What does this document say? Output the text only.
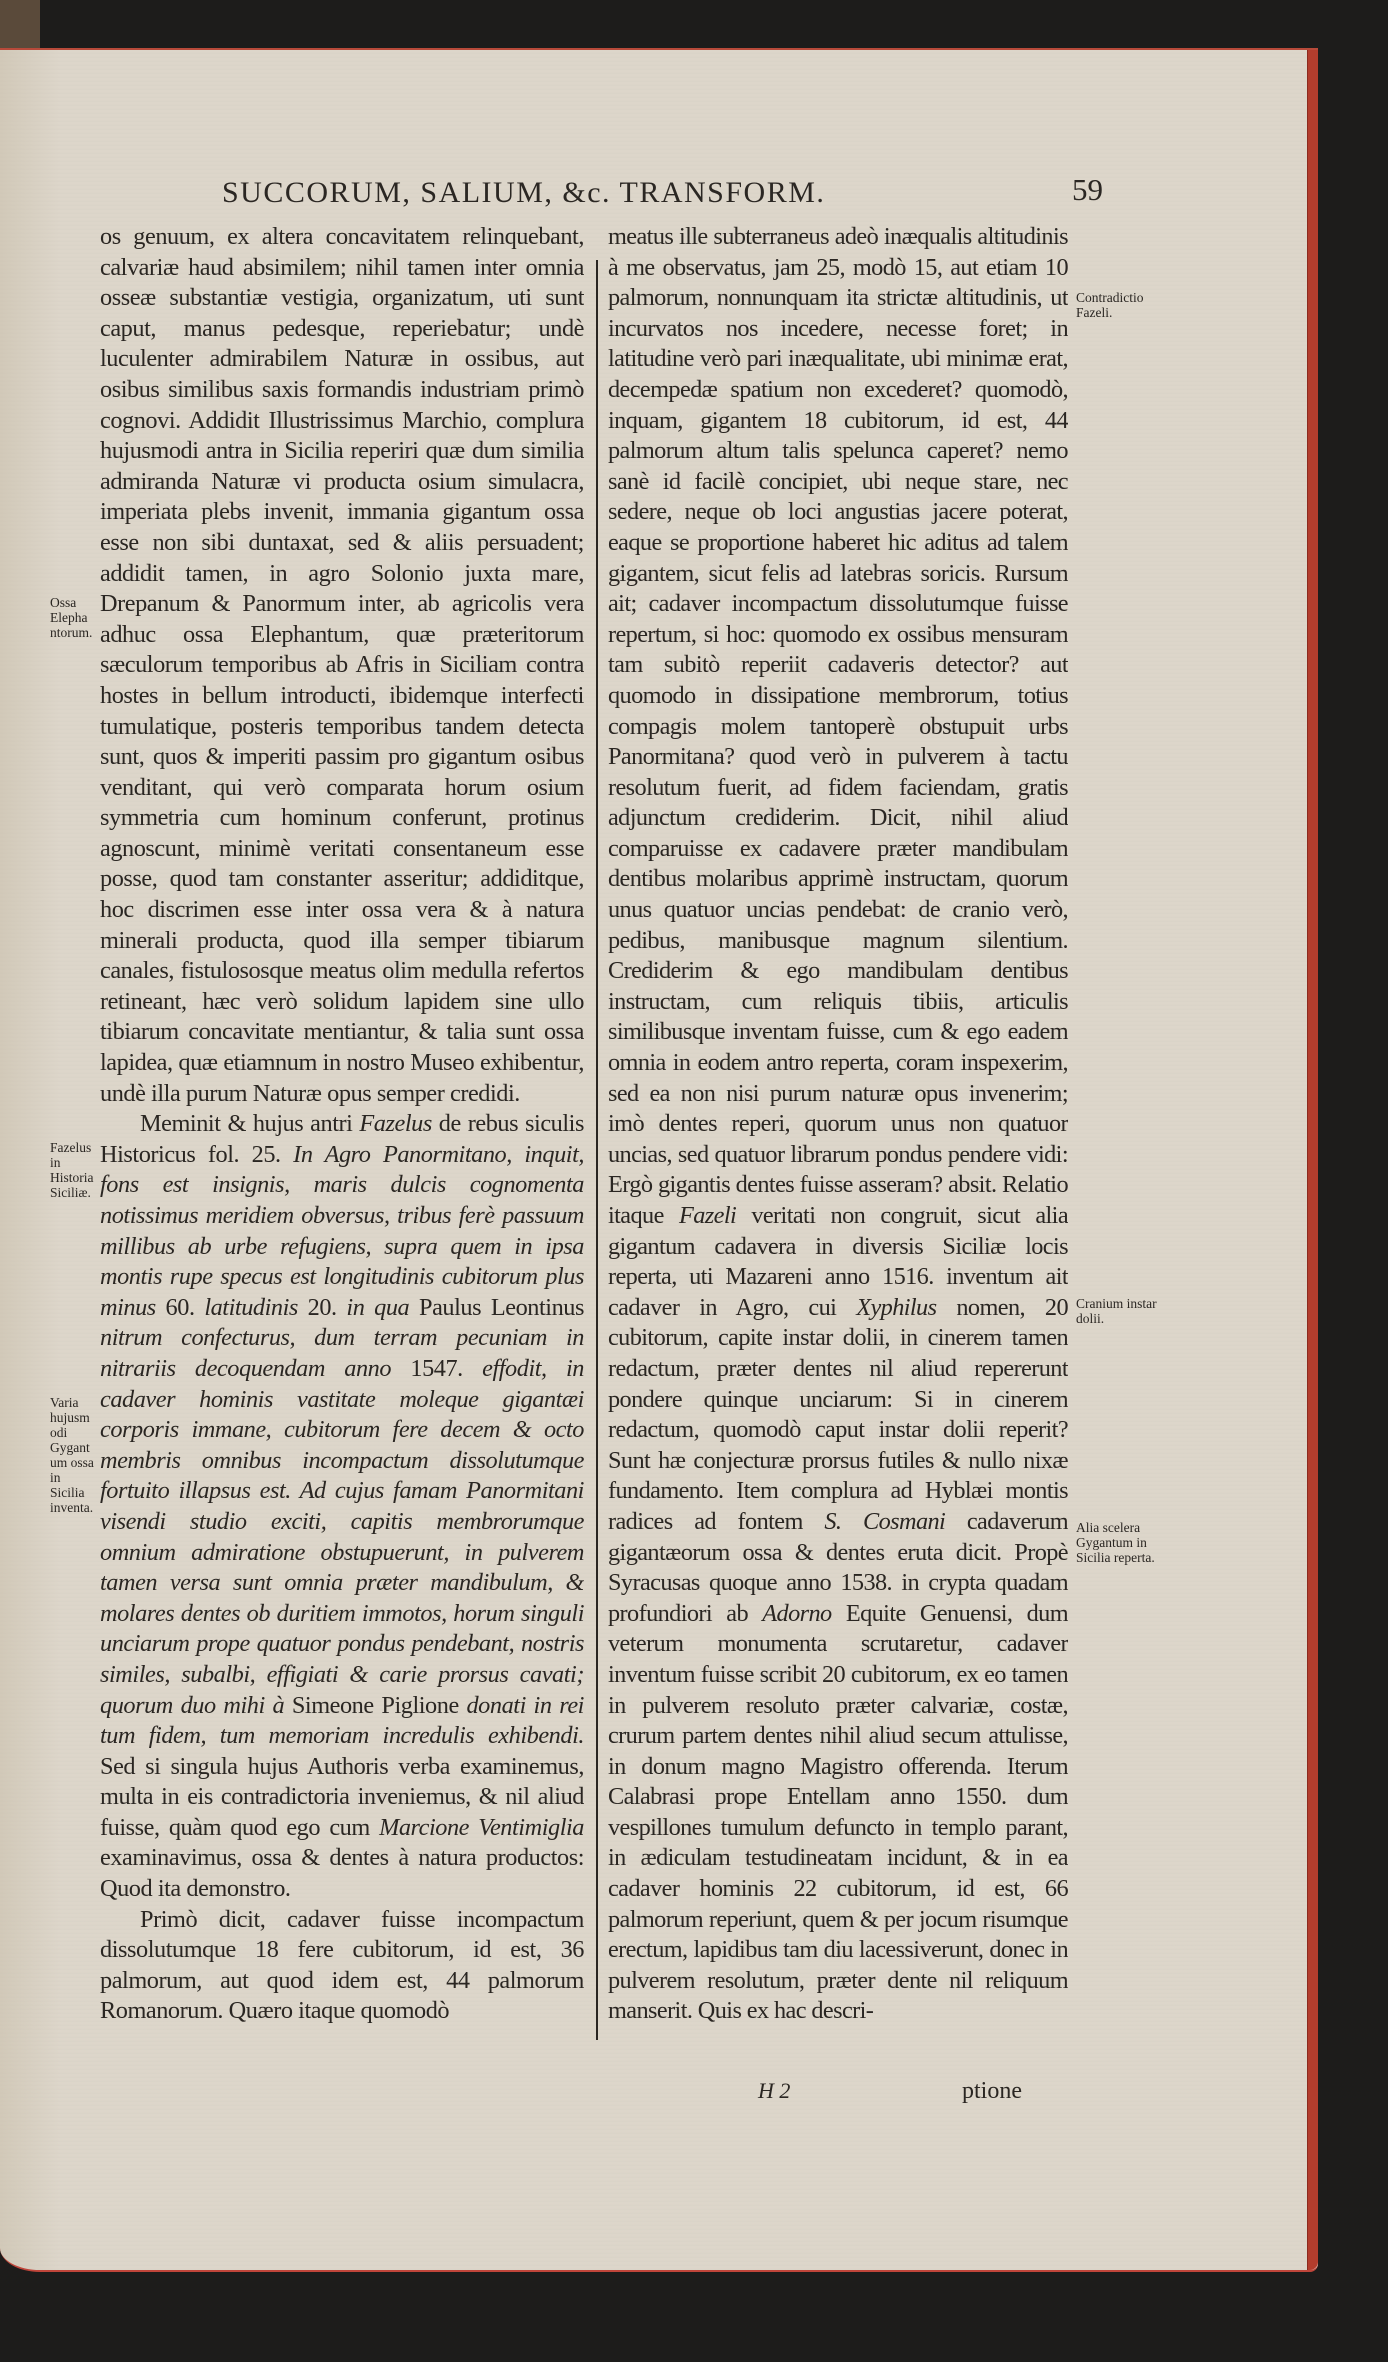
SUCCORUM, SALIUM, &c. TRANSFORM.	59

os genuum, ex altera concavitatem relinquebant, calvariæ haud absimilem; nihil tamen inter omnia osseæ substantiæ vestigia, organizatum, uti sunt caput, manus pedesque, reperiebatur; undè luculenter admirabilem Naturæ in ossibus, aut osibus similibus saxis formandis industriam primò cognovi. Addidit Illustrissimus Marchio, complura hujusmodi antra in Sicilia reperiri quæ dum similia admiranda Naturæ vi producta osium simulacra, imperiata plebs invenit, immania gigantum ossa esse non sibi duntaxat, sed & aliis persuadent; addidit tamen, in agro Solonio juxta mare, Drepanum & Panormum inter, ab agricolis vera adhuc ossa Elephantum, quæ præteritorum sæculorum temporibus ab Afris in Siciliam contra hostes in bellum introducti, ibidemque interfecti tumulatique, posteris temporibus tandem detecta sunt, quos & imperiti passim pro gigantum osibus venditant, qui verò comparata horum osium symmetria cum hominum conferunt, protinus agnoscunt, minimè veritati consentaneum esse posse, quod tam constanter asseritur; addiditque, hoc discrimen esse inter ossa vera & à natura minerali producta, quod illa semper tibiarum canales, fistulososque meatus olim medulla refertos retineant, hæc verò solidum lapidem sine ullo tibiarum concavitate mentiantur, & talia sunt ossa lapidea, quæ etiamnum in nostro Museo exhibentur, undè illa purum Naturæ opus semper credidi.

Meminit & hujus antri Fazelus de rebus siculis Historicus fol. 25. In Agro Panormitano, inquit, fons est insignis, maris dulcis cognomenta notissimus meridiem obversus, tribus ferè passuum millibus ab urbe refugiens, supra quem in ipsa montis rupe specus est longitudinis cubitorum plus minus 60. latitudinis 20. in qua Paulus Leontinus nitrum confecturus, dum terram pecuniam in nitrariis decoquendam anno 1547. effodit, in cadaver hominis vastitate moleque gigantæi corporis immane, cubitorum fere decem & octo membris omnibus incompactum dissolutumque fortuito illapsus est. Ad cujus famam Panormitani visendi studio exciti, capitis membrorumque omnium admiratione obstupuerunt, in pulverem tamen versa sunt omnia præter mandibulum, & molares dentes ob duritiem immotos, horum singuli unciarum prope quatuor pondus pendebant, nostris similes, subalbi, effigiati & carie prorsus cavati; quorum duo mihi à Simeone Piglione donati in rei tum fidem, tum memoriam incredulis exhibendi. Sed si singula hujus Authoris verba examinemus, multa in eis contradictoria inveniemus, & nil aliud fuisse, quàm quod ego cum Marcione Ventimiglia examinavimus, ossa & dentes à natura productos: Quod ita demonstro.

Primò dicit, cadaver fuisse incompactum dissolutumque 18 fere cubitorum, id est, 36 palmorum, aut quod idem est, 44 palmorum Romanorum. Quæro itaque quomodò

meatus ille subterraneus adeò inæqualis altitudinis à me observatus, jam 25, modò 15, aut etiam 10 palmorum, nonnunquam ita strictæ altitudinis, ut incurvatos nos incedere, necesse foret; in latitudine verò pari inæqualitate, ubi minimæ erat, decempedæ spatium non excederet? quomodò, inquam, gigantem 18 cubitorum, id est, 44 palmorum altum talis spelunca caperet? nemo sanè id facilè concipiet, ubi neque stare, nec sedere, neque ob loci angustias jacere poterat, eaque se proportione haberet hic aditus ad talem gigantem, sicut felis ad latebras soricis. Rursum ait; cadaver incompactum dissolutumque fuisse repertum, si hoc: quomodo ex ossibus mensuram tam subitò reperiit cadaveris detector? aut quomodo in dissipatione membrorum, totius compagis molem tantoperè obstupuit urbs Panormitana? quod verò in pulverem à tactu resolutum fuerit, ad fidem faciendam, gratis adjunctum crediderim. Dicit, nihil aliud comparuisse ex cadavere præter mandibulam dentibus molaribus apprimè instructam, quorum unus quatuor uncias pendebat: de cranio verò, pedibus, manibusque magnum silentium. Crediderim & ego mandibulam dentibus instructam, cum reliquis tibiis, articulis similibusque inventam fuisse, cum & ego eadem omnia in eodem antro reperta, coram inspexerim, sed ea non nisi purum naturæ opus invenerim; imò dentes reperi, quorum unus non quatuor uncias, sed quatuor librarum pondus pendere vidi: Ergò gigantis dentes fuisse asseram? absit. Relatio itaque Fazeli veritati non congruit, sicut alia gigantum cadavera in diversis Siciliæ locis reperta, uti Mazareni anno 1516. inventum ait cadaver in Agro, cui Xyphilus nomen, 20 cubitorum, capite instar dolii, in cinerem tamen redactum, præter dentes nil aliud repererunt pondere quinque unciarum: Si in cinerem redactum, quomodò caput instar dolii reperit? Sunt hæ conjecturæ prorsus futiles & nullo nixæ fundamento. Item complura ad Hyblæi montis radices ad fontem S. Cosmani cadaverum gigantæorum ossa & dentes eruta dicit. Propè Syracusas quoque anno 1538. in crypta quadam profundiori ab Adorno Equite Genuensi, dum veterum monumenta scrutaretur, cadaver inventum fuisse scribit 20 cubitorum, ex eo tamen in pulverem resoluto præter calvariæ, costæ, crurum partem dentes nihil aliud secum attulisse, in donum magno Magistro offerenda. Iterum Calabrasi prope Entellam anno 1550. dum vespillones tumulum defuncto in templo parant, in ædiculam testudineatam incidunt, & in ea cadaver hominis 22 cubitorum, id est, 66 palmorum reperiunt, quem & per jocum risumque erectum, lapidibus tam diu lacessiverunt, donec in pulverem resolutum, præter dente nil reliquum manserit. Quis ex hac descri-

Ossa Elephantorum.
Fazelus in Historia Siciliæ.
Varia hujusmodi Gygantum ossa in Sicilia inventa.
Contradictio Fazeli.
Cranium instar dolii.
Alia scelera Gygantum in Sicilia reperta.
H 2	ptione
